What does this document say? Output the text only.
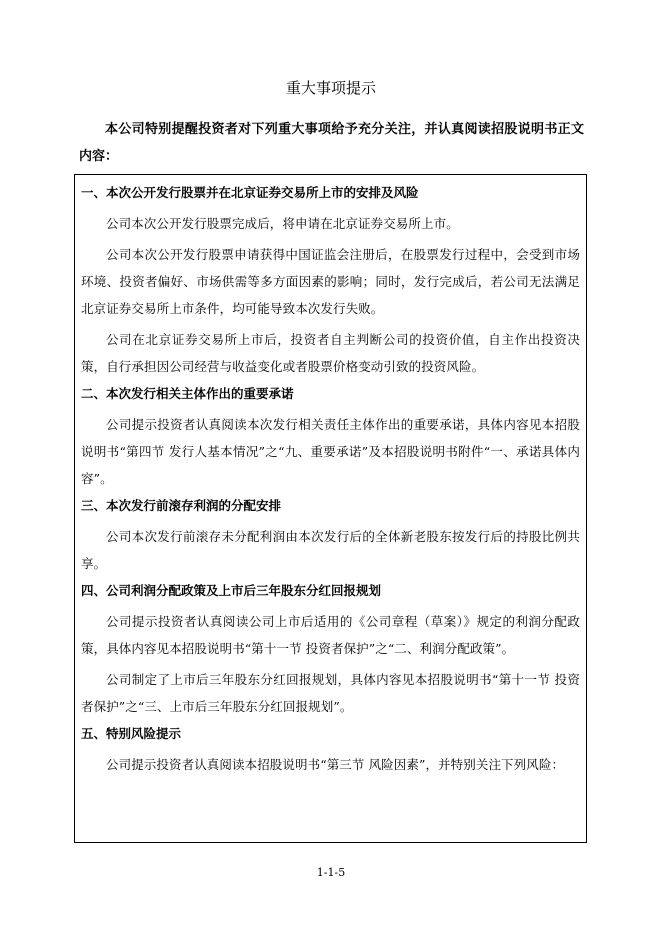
重大事项提示

本公司特别提醒投资者对下列重大事项给予充分关注，并认真阅读招股说明书正文内容：

一、本次公开发行股票并在北京证券交易所上市的安排及风险

公司本次公开发行股票完成后，将申请在北京证券交易所上市。

公司本次公开发行股票申请获得中国证监会注册后，在股票发行过程中，会受到市场环境、投资者偏好、市场供需等多方面因素的影响；同时，发行完成后，若公司无法满足北京证券交易所上市条件，均可能导致本次发行失败。

公司在北京证券交易所上市后，投资者自主判断公司的投资价值，自主作出投资决策，自行承担因公司经营与收益变化或者股票价格变动引致的投资风险。

二、本次发行相关主体作出的重要承诺

公司提示投资者认真阅读本次发行相关责任主体作出的重要承诺，具体内容见本招股说明书“第四节 发行人基本情况”之“九、重要承诺”及本招股说明书附件“一、承诺具体内容”。

三、本次发行前滚存利润的分配安排

公司本次发行前滚存未分配利润由本次发行后的全体新老股东按发行后的持股比例共享。

四、公司利润分配政策及上市后三年股东分红回报规划

公司提示投资者认真阅读公司上市后适用的《公司章程（草案）》规定的利润分配政策，具体内容见本招股说明书“第十一节 投资者保护”之“二、利润分配政策”。

公司制定了上市后三年股东分红回报规划，具体内容见本招股说明书“第十一节 投资者保护”之“三、上市后三年股东分红回报规划”。

五、特别风险提示

公司提示投资者认真阅读本招股说明书“第三节 风险因素”，并特别关注下列风险：

1-1-5
